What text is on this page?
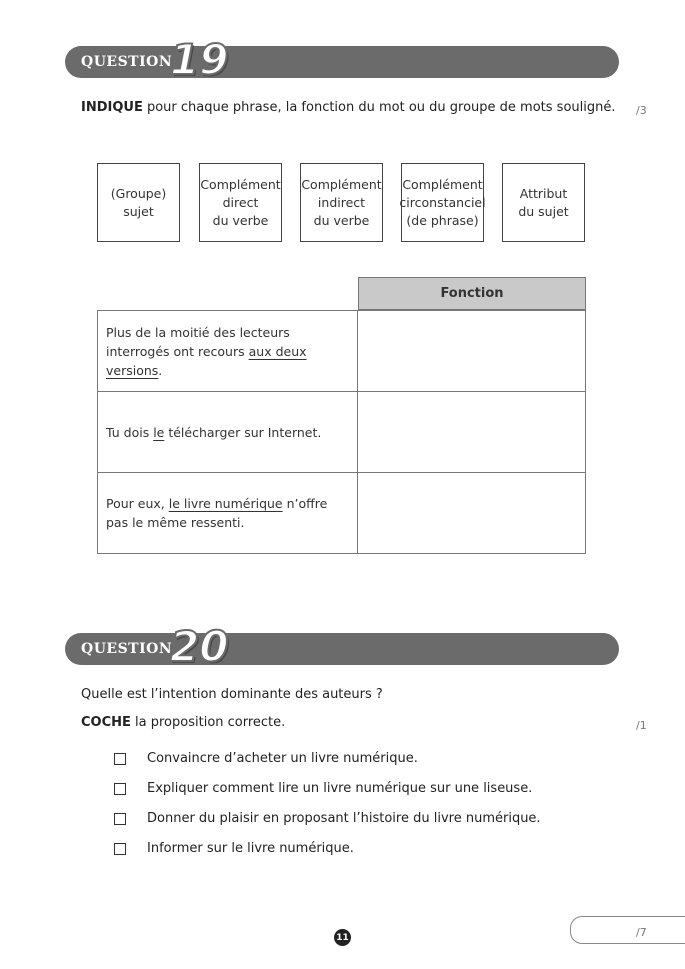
QUESTION
19
INDIQUE pour chaque phrase, la fonction du mot ou du groupe de mots souligné. /3
(Groupe)
sujet
Complément
direct
du verbe
Complément
indirect
du verbe
Complément
circonstanciel
(de phrase)
Attribut
du sujet
Fonction
Plus de la moitié des lecteurs interrogés ont recours aux deux versions.
Tu dois le télécharger sur Internet.
Pour eux, le livre numérique n’offre pas le même ressenti.
QUESTION
20
Quelle est l’intention dominante des auteurs ?
COCHE la proposition correcte.	/1
Convaincre d’acheter un livre numérique.
Expliquer comment lire un livre numérique sur une liseuse.
Donner du plaisir en proposant l’histoire du livre numérique.
Informer sur le livre numérique.
/7
11
